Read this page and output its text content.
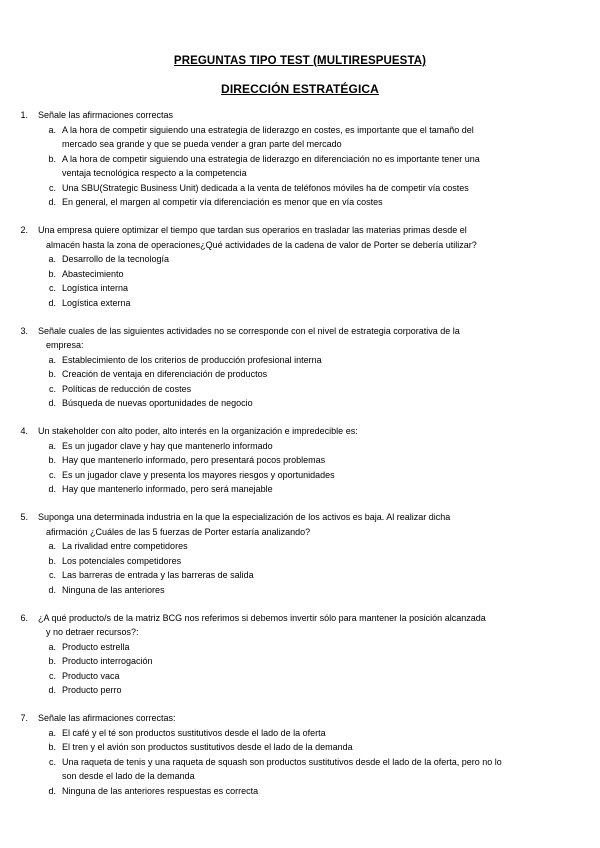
PREGUNTAS TIPO TEST (MULTIRESPUESTA)
DIRECCIÓN ESTRATÉGICA
1.	Señale las afirmaciones correctas
a. A la hora de competir siguiendo una estrategia de liderazgo en costes, es importante que el tamaño del
mercado sea grande y que se pueda vender a gran parte del mercado
b. A la hora de competir siguiendo una estrategia de liderazgo en diferenciación no es importante tener una
ventaja tecnológica respecto a la competencia
c. Una SBU(Strategic Business Unit) dedicada a la venta de teléfonos móviles ha de competir vía costes
d. En general, el margen al competir vía diferenciación es menor que en vía costes
2.	Una empresa quiere optimizar el tiempo que tardan sus operarios en trasladar las materias primas desde el
almacén hasta la zona de operaciones¿Qué actividades de la cadena de valor de Porter se debería utilizar?
a. Desarrollo de la tecnología
b. Abastecimiento
c. Logística interna
d. Logística externa
3.	Señale cuales de las siguientes actividades no se corresponde con el nivel de estrategia corporativa de la
empresa:
a. Establecimiento de los criterios de producción profesional interna
b. Creación de ventaja en diferenciación de productos
c. Políticas de reducción de costes
d. Búsqueda de nuevas oportunidades de negocio
4.	Un stakeholder con alto poder, alto interés en la organización e impredecible es:
a. Es un jugador clave y hay que mantenerlo informado
b. Hay que mantenerlo informado, pero presentará pocos problemas
c. Es un jugador clave y presenta los mayores riesgos y oportunidades
d. Hay que mantenerlo informado, pero será manejable
5.	Suponga una determinada industria en la que la especialización de los activos es baja. Al realizar dicha
afirmación ¿Cuáles de las 5 fuerzas de Porter estaría analizando?
a. La rivalidad entre competidores
b. Los potenciales competidores
c. Las barreras de entrada y las barreras de salida
d. Ninguna de las anteriores
6.	¿A qué producto/s de la matriz BCG nos referimos si debemos invertir sólo para mantener la posición alcanzada
y no detraer recursos?:
a. Producto estrella
b. Producto interrogación
c. Producto vaca
d. Producto perro
7.	Señale las afirmaciones correctas:
a. El café y el té son productos sustitutivos desde el lado de la oferta
b. El tren y el avión son productos sustitutivos desde el lado de la demanda
c. Una raqueta de tenis y una raqueta de squash son productos sustitutivos desde el lado de la oferta, pero no lo
son desde el lado de la demanda
d. Ninguna de las anteriores respuestas es correcta
